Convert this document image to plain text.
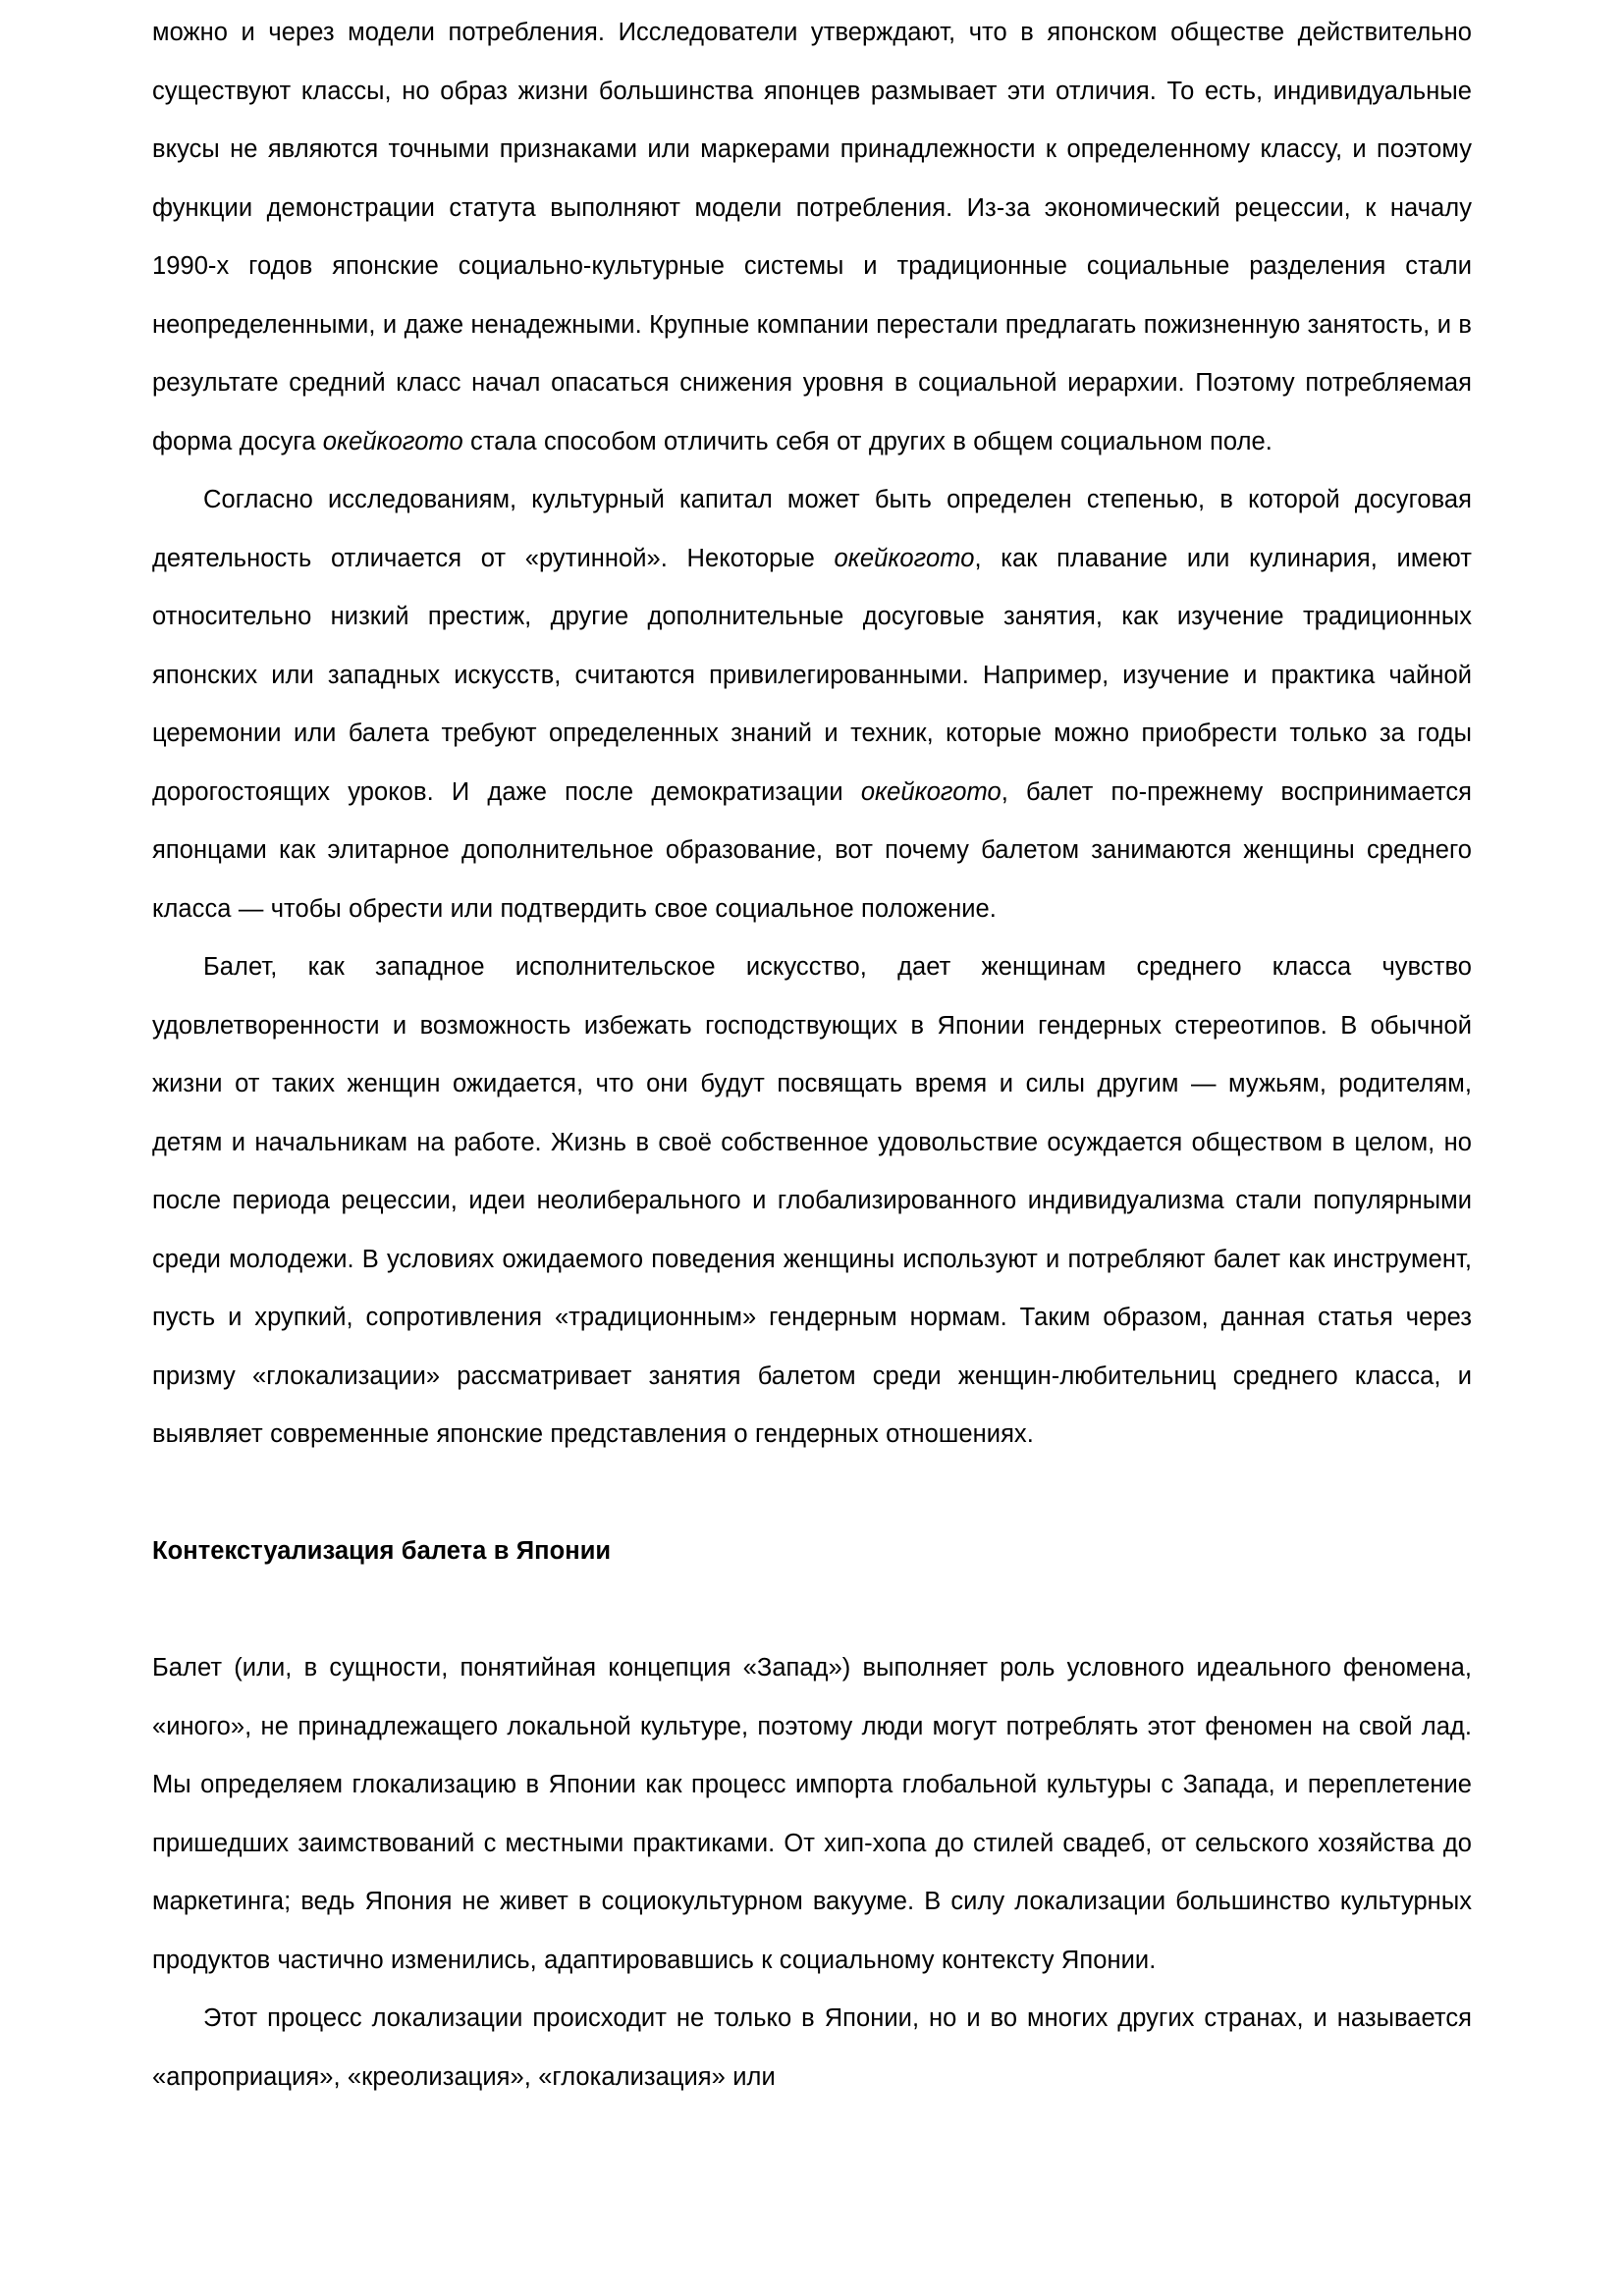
можно и через модели потребления. Исследователи утверждают, что в японском обществе действительно существуют классы, но образ жизни большинства японцев размывает эти отличия. То есть, индивидуальные вкусы не являются точными признаками или маркерами принадлежности к определенному классу, и поэтому функции демонстрации статута выполняют модели потребления. Из-за экономический рецессии, к началу 1990-х годов японские социально-культурные системы и традиционные социальные разделения стали неопределенными, и даже ненадежными. Крупные компании перестали предлагать пожизненную занятость, и в результате средний класс начал опасаться снижения уровня в социальной иерархии. Поэтому потребляемая форма досуга окейкогото стала способом отличить себя от других в общем социальном поле.

Согласно исследованиям, культурный капитал может быть определен степенью, в которой досуговая деятельность отличается от «рутинной». Некоторые окейкогото, как плавание или кулинария, имеют относительно низкий престиж, другие дополнительные досуговые занятия, как изучение традиционных японских или западных искусств, считаются привилегированными. Например, изучение и практика чайной церемонии или балета требуют определенных знаний и техник, которые можно приобрести только за годы дорогостоящих уроков. И даже после демократизации окейкогото, балет по-прежнему воспринимается японцами как элитарное дополнительное образование, вот почему балетом занимаются женщины среднего класса — чтобы обрести или подтвердить свое социальное положение.

Балет, как западное исполнительское искусство, дает женщинам среднего класса чувство удовлетворенности и возможность избежать господствующих в Японии гендерных стереотипов. В обычной жизни от таких женщин ожидается, что они будут посвящать время и силы другим — мужьям, родителям, детям и начальникам на работе. Жизнь в своё собственное удовольствие осуждается обществом в целом, но после периода рецессии, идеи неолиберального и глобализированного индивидуализма стали популярными среди молодежи. В условиях ожидаемого поведения женщины используют и потребляют балет как инструмент, пусть и хрупкий, сопротивления «традиционным» гендерным нормам. Таким образом, данная статья через призму «глокализации» рассматривает занятия балетом среди женщин-любительниц среднего класса, и выявляет современные японские представления о гендерных отношениях.

Контекстуализация балета в Японии

Балет (или, в сущности, понятийная концепция «Запад») выполняет роль условного идеального феномена, «иного», не принадлежащего локальной культуре, поэтому люди могут потреблять этот феномен на свой лад. Мы определяем глокализацию в Японии как процесс импорта глобальной культуры с Запада, и переплетение пришедших заимствований с местными практиками. От хип-хопа до стилей свадеб, от сельского хозяйства до маркетинга; ведь Япония не живет в социокультурном вакууме. В силу локализации большинство культурных продуктов частично изменились, адаптировавшись к социальному контексту Японии.

Этот процесс локализации происходит не только в Японии, но и во многих других странах, и называется «апроприация», «креолизация», «глокализация» или
